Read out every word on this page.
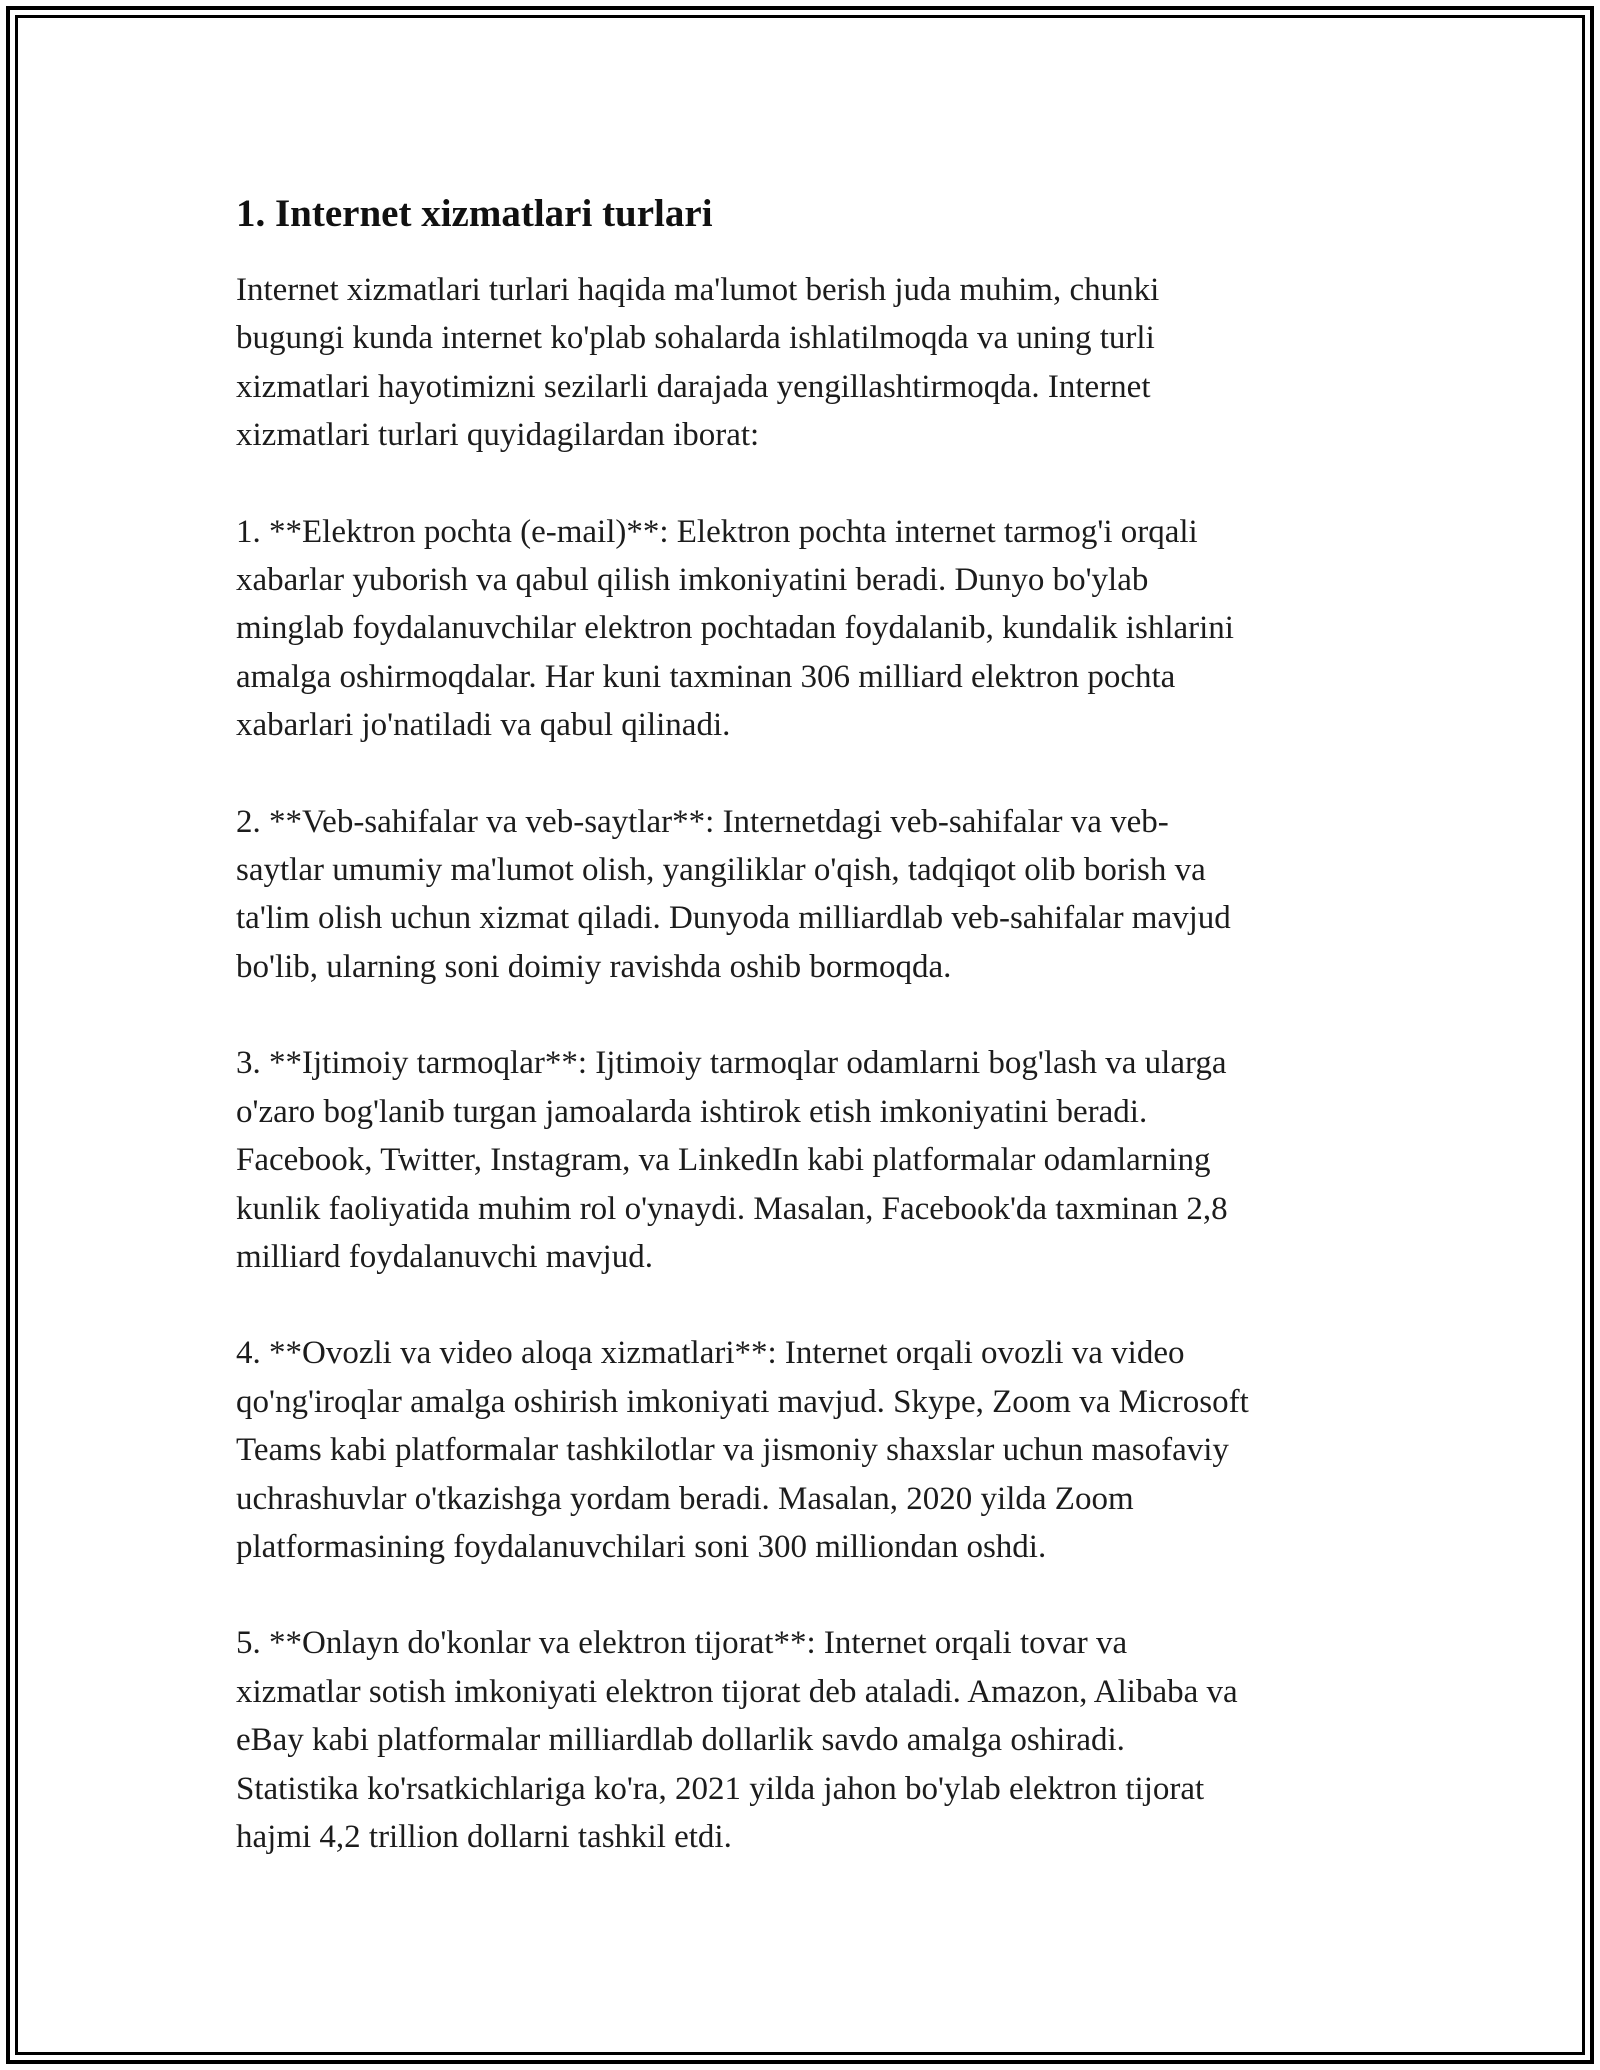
1. Internet xizmatlari turlari

Internet xizmatlari turlari haqida ma'lumot berish juda muhim, chunki
bugungi kunda internet ko'plab sohalarda ishlatilmoqda va uning turli
xizmatlari hayotimizni sezilarli darajada yengillashtirmoqda. Internet
xizmatlari turlari quyidagilardan iborat:

1. **Elektron pochta (e-mail)**: Elektron pochta internet tarmog'i orqali
xabarlar yuborish va qabul qilish imkoniyatini beradi. Dunyo bo'ylab
minglab foydalanuvchilar elektron pochtadan foydalanib, kundalik ishlarini
amalga oshirmoqdalar. Har kuni taxminan 306 milliard elektron pochta
xabarlari jo'natiladi va qabul qilinadi.

2. **Veb-sahifalar va veb-saytlar**: Internetdagi veb-sahifalar va veb-
saytlar umumiy ma'lumot olish, yangiliklar o'qish, tadqiqot olib borish va
ta'lim olish uchun xizmat qiladi. Dunyoda milliardlab veb-sahifalar mavjud
bo'lib, ularning soni doimiy ravishda oshib bormoqda.

3. **Ijtimoiy tarmoqlar**: Ijtimoiy tarmoqlar odamlarni bog'lash va ularga
o'zaro bog'lanib turgan jamoalarda ishtirok etish imkoniyatini beradi.
Facebook, Twitter, Instagram, va LinkedIn kabi platformalar odamlarning
kunlik faoliyatida muhim rol o'ynaydi. Masalan, Facebook'da taxminan 2,8
milliard foydalanuvchi mavjud.

4. **Ovozli va video aloqa xizmatlari**: Internet orqali ovozli va video
qo'ng'iroqlar amalga oshirish imkoniyati mavjud. Skype, Zoom va Microsoft
Teams kabi platformalar tashkilotlar va jismoniy shaxslar uchun masofaviy
uchrashuvlar o'tkazishga yordam beradi. Masalan, 2020 yilda Zoom
platformasining foydalanuvchilari soni 300 milliondan oshdi.

5. **Onlayn do'konlar va elektron tijorat**: Internet orqali tovar va
xizmatlar sotish imkoniyati elektron tijorat deb ataladi. Amazon, Alibaba va
eBay kabi platformalar milliardlab dollarlik savdo amalga oshiradi.
Statistika ko'rsatkichlariga ko'ra, 2021 yilda jahon bo'ylab elektron tijorat
hajmi 4,2 trillion dollarni tashkil etdi.
